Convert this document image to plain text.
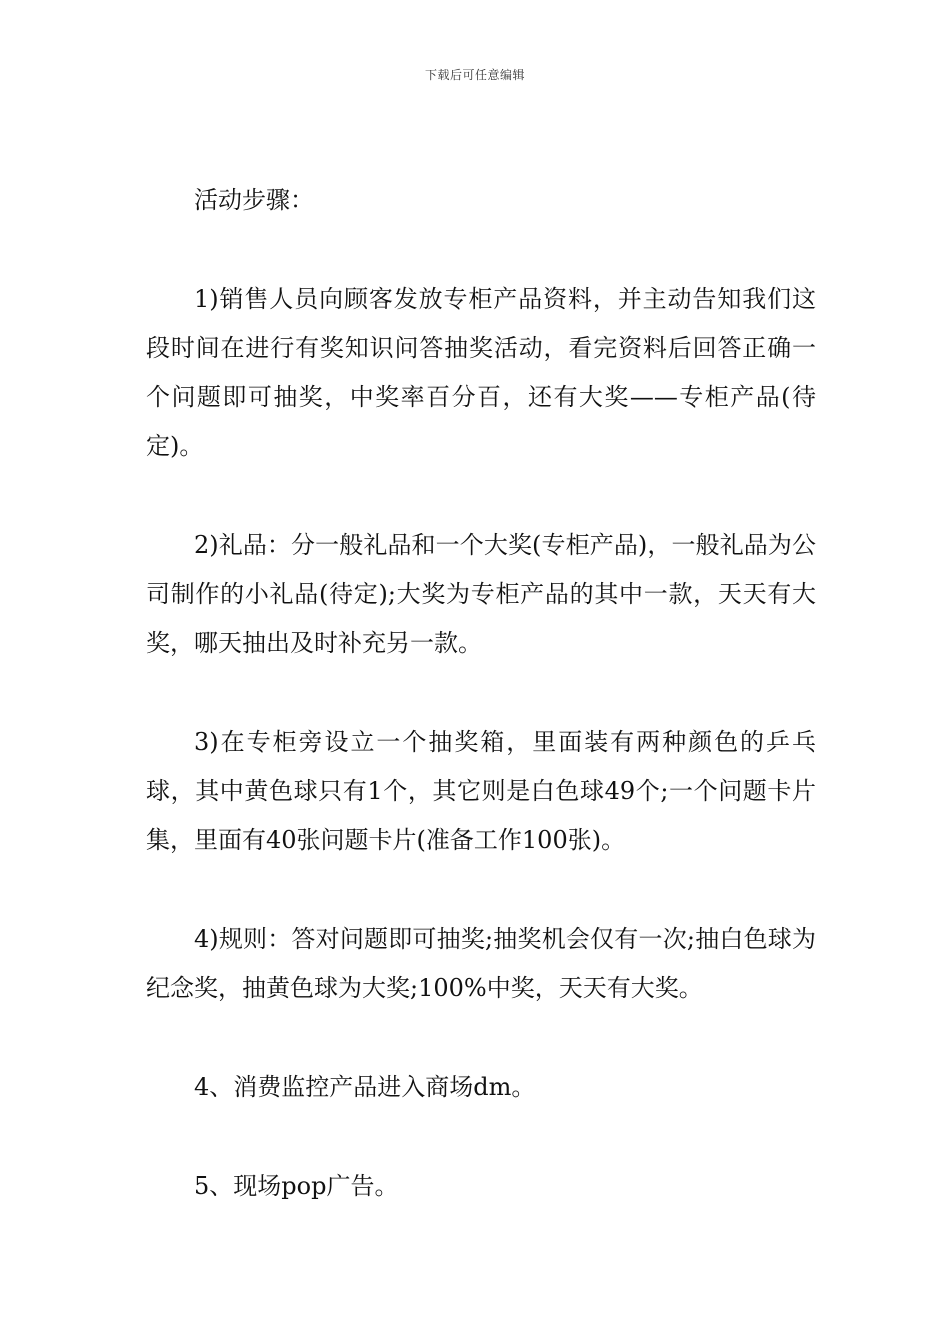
下载后可任意编辑

活动步骤：

1)销售人员向顾客发放专柜产品资料，并主动告知我们这段时间在进行有奖知识问答抽奖活动，看完资料后回答正确一个问题即可抽奖，中奖率百分百，还有大奖——专柜产品(待定)。

2)礼品：分一般礼品和一个大奖(专柜产品)，一般礼品为公司制作的小礼品(待定);大奖为专柜产品的其中一款，天天有大奖，哪天抽出及时补充另一款。

3)在专柜旁设立一个抽奖箱，里面装有两种颜色的乒乓球，其中黄色球只有1个，其它则是白色球49个;一个问题卡片集，里面有40张问题卡片(准备工作100张)。

4)规则：答对问题即可抽奖;抽奖机会仅有一次;抽白色球为纪念奖，抽黄色球为大奖;100%中奖，天天有大奖。

4、消费监控产品进入商场dm。

5、现场pop广告。
